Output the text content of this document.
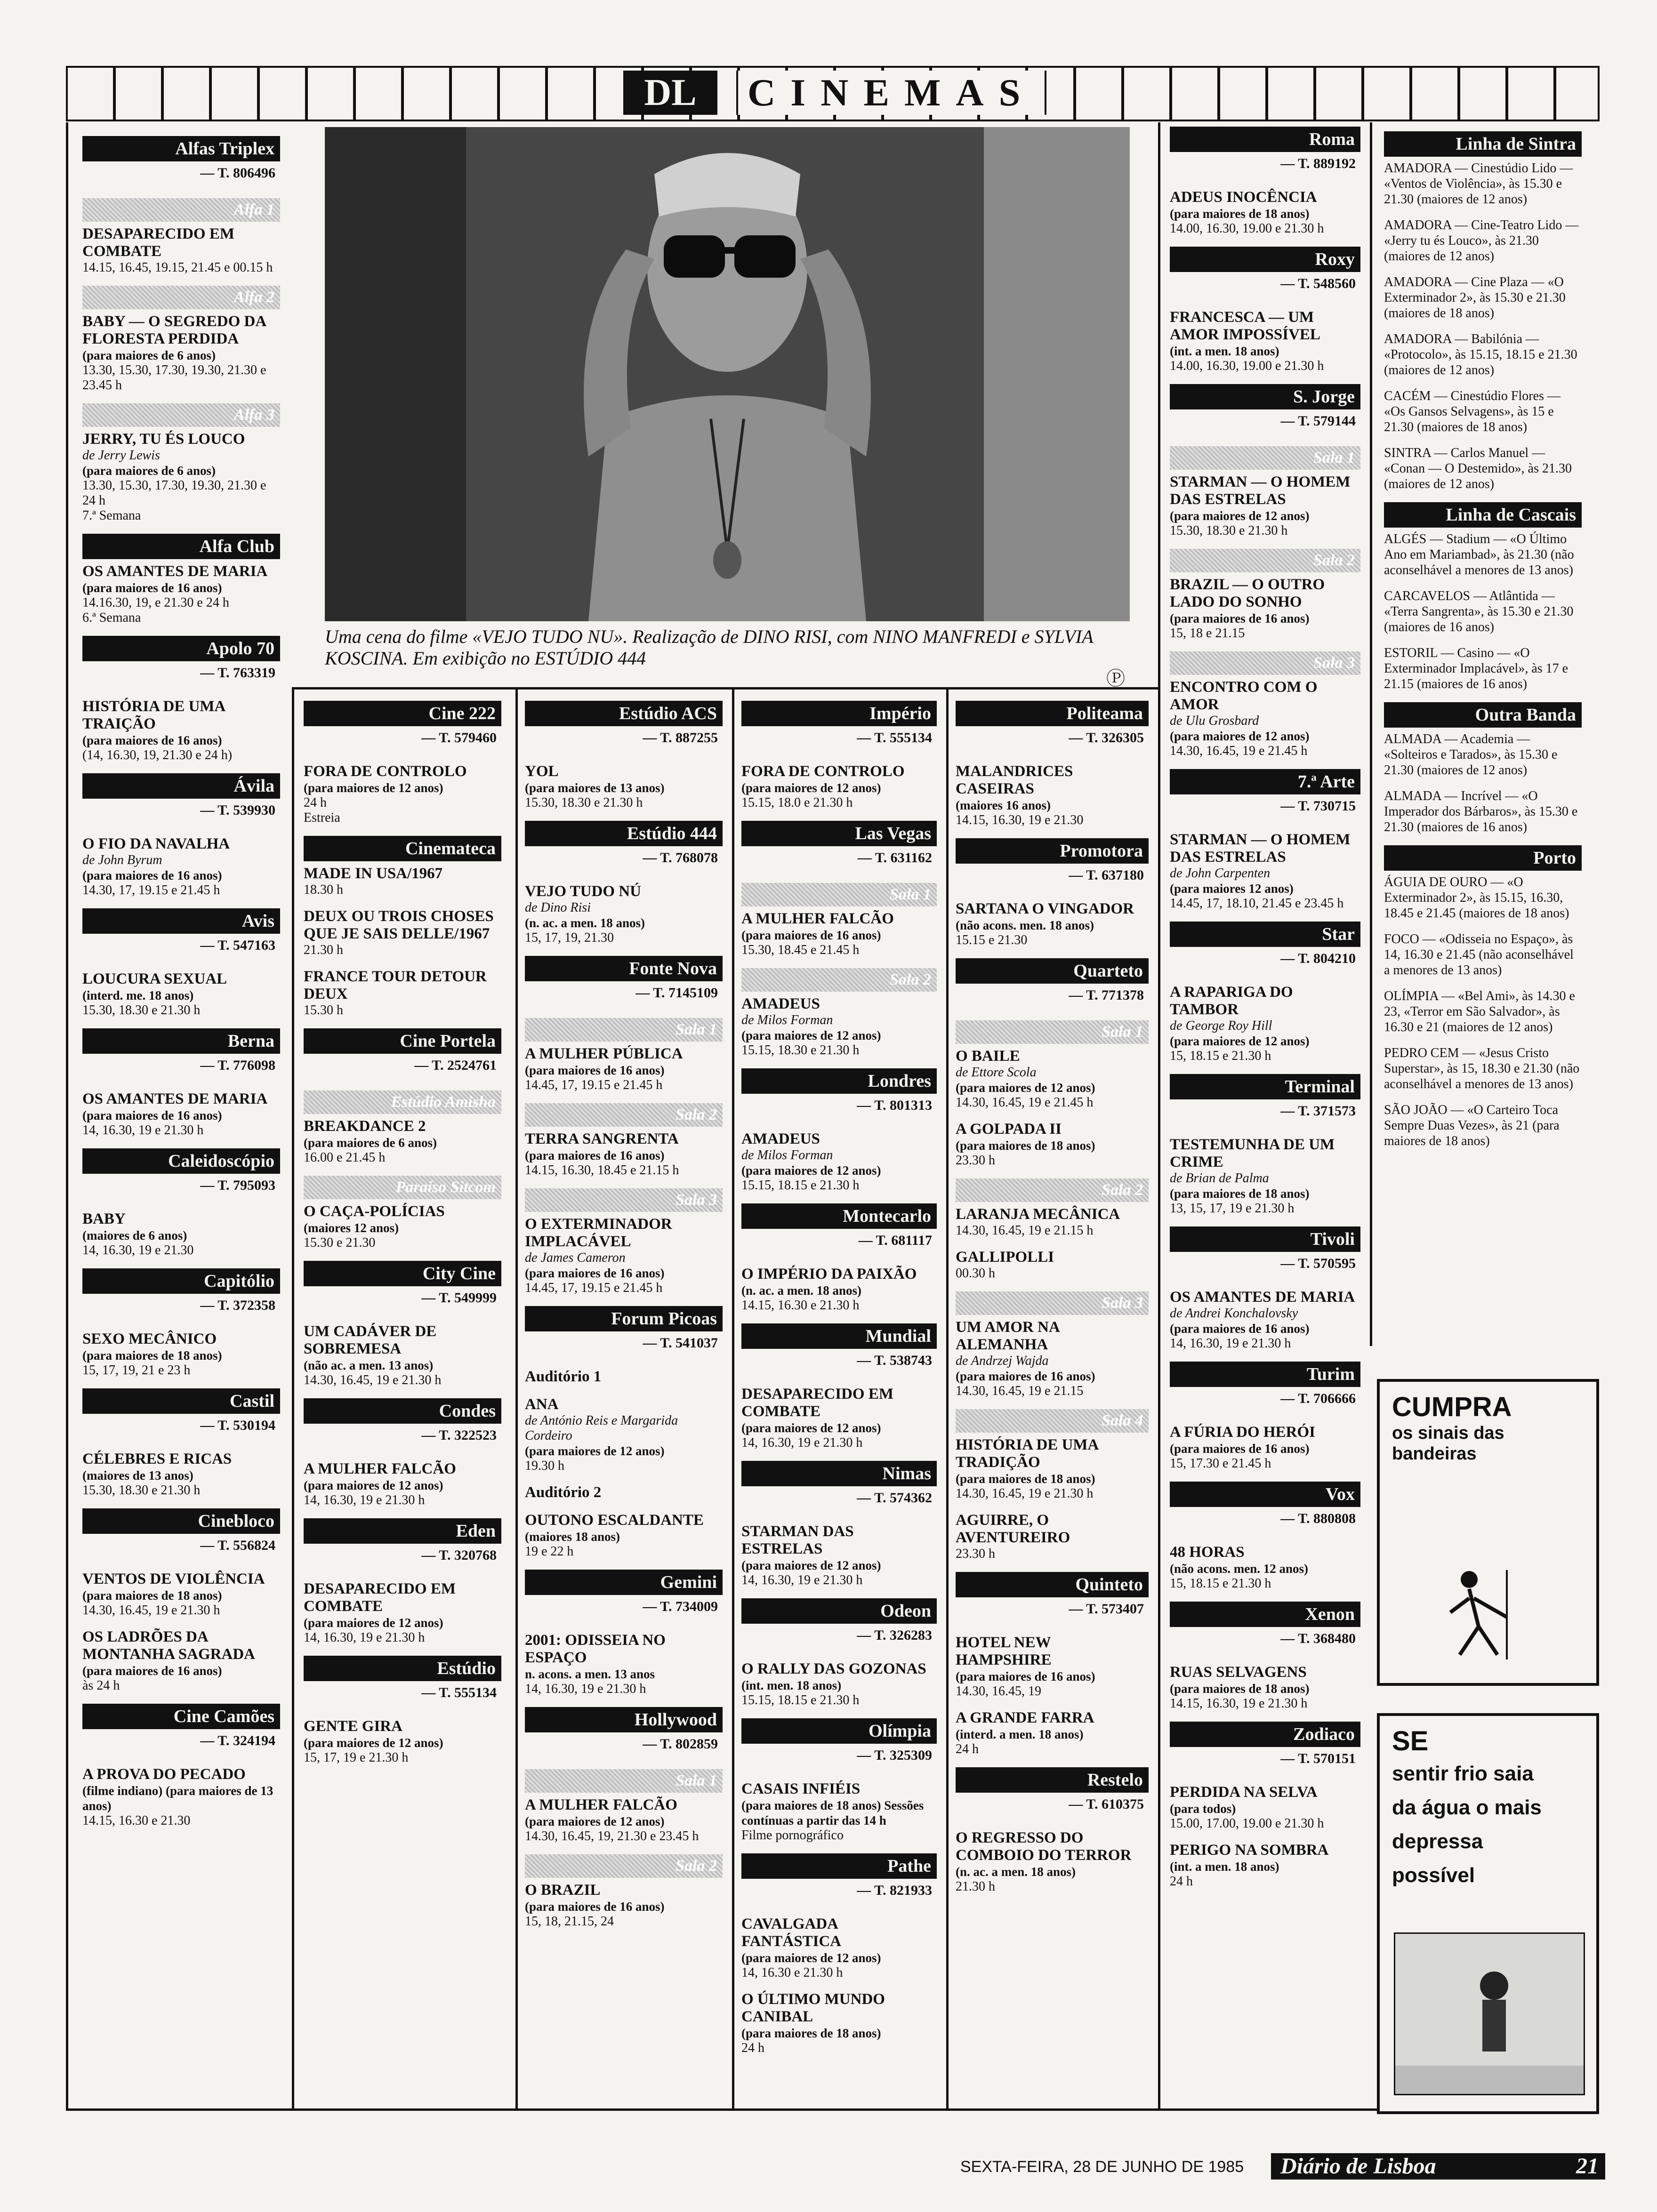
DL	CINEMAS
Uma cena do filme «VEJO TUDO NU». Realização de DINO RISI, com NINO MANFREDI e SYLVIA KOSCINA. Em exibição no ESTÚDIO 444
Ⓟ
Alfas Triplex
— T. 806496
Alfa 1
DESAPARECIDO EM COMBATE
14.15, 16.45, 19.15, 21.45 e 00.15 h
Alfa 2
BABY — O SEGREDO DA FLORESTA PERDIDA
(para maiores de 6 anos)
13.30, 15.30, 17.30, 19.30, 21.30 e 23.45 h
Alfa 3
JERRY, TU ÉS LOUCO
de Jerry Lewis
(para maiores de 6 anos)
13.30, 15.30, 17.30, 19.30, 21.30 e 24 h
7.ª Semana
Alfa Club
OS AMANTES DE MARIA
(para maiores de 16 anos)
14.16.30, 19, e 21.30 e 24 h
6.ª Semana
Apolo 70
— T. 763319
HISTÓRIA DE UMA TRAIÇÃO
(para maiores de 16 anos)
(14, 16.30, 19, 21.30 e 24 h)
Ávila
— T. 539930
O FIO DA NAVALHA
de John Byrum
(para maiores de 16 anos)
14.30, 17, 19.15 e 21.45 h
Avis
— T. 547163
LOUCURA SEXUAL
(interd. me. 18 anos)
15.30, 18.30 e 21.30 h
Berna
— T. 776098
OS AMANTES DE MARIA
(para maiores de 16 anos)
14, 16.30, 19 e 21.30 h
Caleidoscópio
— T. 795093
BABY
(maiores de 6 anos)
14, 16.30, 19 e 21.30
Capitólio
— T. 372358
SEXO MECÂNICO
(para maiores de 18 anos)
15, 17, 19, 21 e 23 h
Castil
— T. 530194
CÉLEBRES E RICAS
(maiores de 13 anos)
15.30, 18.30 e 21.30 h
Cinebloco
— T. 556824
VENTOS DE VIOLÊNCIA
(para maiores de 18 anos)
14.30, 16.45, 19 e 21.30 h
OS LADRÕES DA MONTANHA SAGRADA
(para maiores de 16 anos)
às 24 h
Cine Camões
— T. 324194
A PROVA DO PECADO
(filme indiano) (para maiores de 13 anos)
14.15, 16.30 e 21.30
Cine 222
— T. 579460
FORA DE CONTROLO
(para maiores de 12 anos)
24 h
Estreia
Cinemateca
MADE IN USA/1967
18.30 h
DEUX OU TROIS CHOSES QUE JE SAIS DELLE/1967
21.30 h
FRANCE TOUR DETOUR DEUX
15.30 h
Cine Portela
— T. 2524761
Estúdio Amisha
BREAKDANCE 2
(para maiores de 6 anos)
16.00 e 21.45 h
Paraíso Sitcom
O CAÇA-POLÍCIAS
(maiores 12 anos)
15.30 e 21.30
City Cine
— T. 549999
UM CADÁVER DE SOBREMESA
(não ac. a men. 13 anos)
14.30, 16.45, 19 e 21.30 h
Condes
— T. 322523
A MULHER FALCÃO
(para maiores de 12 anos)
14, 16.30, 19 e 21.30 h
Eden
— T. 320768
DESAPARECIDO EM COMBATE
(para maiores de 12 anos)
14, 16.30, 19 e 21.30 h
Estúdio
— T. 555134
GENTE GIRA
(para maiores de 12 anos)
15, 17, 19 e 21.30 h
Estúdio ACS
— T. 887255
YOL
(para maiores de 13 anos)
15.30, 18.30 e 21.30 h
Estúdio 444
— T. 768078
VEJO TUDO NÚ
de Dino Risi
(n. ac. a men. 18 anos)
15, 17, 19, 21.30
Fonte Nova
— T. 7145109
Sala 1
A MULHER PÚBLICA
(para maiores de 16 anos)
14.45, 17, 19.15 e 21.45 h
Sala 2
TERRA SANGRENTA
(para maiores de 16 anos)
14.15, 16.30, 18.45 e 21.15 h
Sala 3
O EXTERMINADOR IMPLACÁVEL
de James Cameron
(para maiores de 16 anos)
14.45, 17, 19.15 e 21.45 h
Forum Picoas
— T. 541037
Auditório 1
ANA
de António Reis e Margarida Cordeiro
(para maiores de 12 anos)
19.30 h
Auditório 2
OUTONO ESCALDANTE
(maiores 18 anos)
19 e 22 h
Gemini
— T. 734009
2001: ODISSEIA NO ESPAÇO
n. acons. a men. 13 anos
14, 16.30, 19 e 21.30 h
Hollywood
— T. 802859
Sala 1
A MULHER FALCÃO
(para maiores de 12 anos)
14.30, 16.45, 19, 21.30 e 23.45 h
Sala 2
O BRAZIL
(para maiores de 16 anos)
15, 18, 21.15, 24
Império
— T. 555134
FORA DE CONTROLO
(para maiores de 12 anos)
15.15, 18.0 e 21.30 h
Las Vegas
— T. 631162
Sala 1
A MULHER FALCÃO
(para maiores de 16 anos)
15.30, 18.45 e 21.45 h
Sala 2
AMADEUS
de Milos Forman
(para maiores de 12 anos)
15.15, 18.30 e 21.30 h
Londres
— T. 801313
AMADEUS
de Milos Forman
(para maiores de 12 anos)
15.15, 18.15 e 21.30 h
Montecarlo
— T. 681117
O IMPÉRIO DA PAIXÃO
(n. ac. a men. 18 anos)
14.15, 16.30 e 21.30 h
Mundial
— T. 538743
DESAPARECIDO EM COMBATE
(para maiores de 12 anos)
14, 16.30, 19 e 21.30 h
Nimas
— T. 574362
STARMAN DAS ESTRELAS
(para maiores de 12 anos)
14, 16.30, 19 e 21.30 h
Odeon
— T. 326283
O RALLY DAS GOZONAS
(int. men. 18 anos)
15.15, 18.15 e 21.30 h
Olímpia
— T. 325309
CASAIS INFIÉIS
(para maiores de 18 anos) Sessões contínuas a partir das 14 h
Filme pornográfico
Pathe
— T. 821933
CAVALGADA FANTÁSTICA
(para maiores de 12 anos)
14, 16.30 e 21.30 h
O ÚLTIMO MUNDO CANIBAL
(para maiores de 18 anos)
24 h
Politeama
— T. 326305
MALANDRICES CASEIRAS
(maiores 16 anos)
14.15, 16.30, 19 e 21.30
Promotora
— T. 637180
SARTANA O VINGADOR
(não acons. men. 18 anos)
15.15 e 21.30
Quarteto
— T. 771378
Sala 1
O BAILE
de Ettore Scola
(para maiores de 12 anos)
14.30, 16.45, 19 e 21.45 h
A GOLPADA II
(para maiores de 18 anos)
23.30 h
Sala 2
LARANJA MECÂNICA
14.30, 16.45, 19 e 21.15 h
GALLIPOLLI
00.30 h
Sala 3
UM AMOR NA ALEMANHA
de Andrzej Wajda
(para maiores de 16 anos)
14.30, 16.45, 19 e 21.15
Sala 4
HISTÓRIA DE UMA TRADIÇÃO
(para maiores de 18 anos)
14.30, 16.45, 19 e 21.30 h
AGUIRRE, O AVENTUREIRO
23.30 h
Quinteto
— T. 573407
HOTEL NEW HAMPSHIRE
(para maiores de 16 anos)
14.30, 16.45, 19
A GRANDE FARRA
(interd. a men. 18 anos)
24 h
Restelo
— T. 610375
O REGRESSO DO COMBOIO DO TERROR
(n. ac. a men. 18 anos)
21.30 h
Roma
— T. 889192
ADEUS INOCÊNCIA
(para maiores de 18 anos)
14.00, 16.30, 19.00 e 21.30 h
Roxy
— T. 548560
FRANCESCA — UM AMOR IMPOSSÍVEL
(int. a men. 18 anos)
14.00, 16.30, 19.00 e 21.30 h
S. Jorge
— T. 579144
Sala 1
STARMAN — O HOMEM DAS ESTRELAS
(para maiores de 12 anos)
15.30, 18.30 e 21.30 h
Sala 2
BRAZIL — O OUTRO LADO DO SONHO
(para maiores de 16 anos)
15, 18 e 21.15
Sala 3
ENCONTRO COM O AMOR
de Ulu Grosbard
(para maiores de 12 anos)
14.30, 16.45, 19 e 21.45 h
7.ª Arte
— T. 730715
STARMAN — O HOMEM DAS ESTRELAS
de John Carpenten
(para maiores 12 anos)
14.45, 17, 18.10, 21.45 e 23.45 h
Star
— T. 804210
A RAPARIGA DO TAMBOR
de George Roy Hill
(para maiores de 12 anos)
15, 18.15 e 21.30 h
Terminal
— T. 371573
TESTEMUNHA DE UM CRIME
de Brian de Palma
(para maiores de 18 anos)
13, 15, 17, 19 e 21.30 h
Tivoli
— T. 570595
OS AMANTES DE MARIA
de Andrei Konchalovsky
(para maiores de 16 anos)
14, 16.30, 19 e 21.30 h
Turim
— T. 706666
A FÚRIA DO HERÓI
(para maiores de 16 anos)
15, 17.30 e 21.45 h
Vox
— T. 880808
48 HORAS
(não acons. men. 12 anos)
15, 18.15 e 21.30 h
Xenon
— T. 368480
RUAS SELVAGENS
(para maiores de 18 anos)
14.15, 16.30, 19 e 21.30 h
Zodiaco
— T. 570151
PERDIDA NA SELVA
(para todos)
15.00, 17.00, 19.00 e 21.30 h
PERIGO NA SOMBRA
(int. a men. 18 anos)
24 h
Linha de Sintra
AMADORA — Cinestúdio Lido — «Ventos de Violência», às 15.30 e 21.30 (maiores de 12 anos)
AMADORA — Cine-Teatro Lido — «Jerry tu és Louco», às 21.30 (maiores de 12 anos)
AMADORA — Cine Plaza — «O Exterminador 2», às 15.30 e 21.30 (maiores de 18 anos)
AMADORA — Babilónia — «Protocolo», às 15.15, 18.15 e 21.30 (maiores de 12 anos)
CACÉM — Cinestúdio Flores — «Os Gansos Selvagens», às 15 e 21.30 (maiores de 18 anos)
SINTRA — Carlos Manuel — «Conan — O Destemido», às 21.30 (maiores de 12 anos)
Linha de Cascais
ALGÉS — Stadium — «O Último Ano em Mariambad», às 21.30 (não aconselhável a menores de 13 anos)
CARCAVELOS — Atlântida — «Terra Sangrenta», às 15.30 e 21.30 (maiores de 16 anos)
ESTORIL — Casino — «O Exterminador Implacável», às 17 e 21.15 (maiores de 16 anos)
Outra Banda
ALMADA — Academia — «Solteiros e Tarados», às 15.30 e 21.30 (maiores de 12 anos)
ALMADA — Incrível — «O Imperador dos Bárbaros», às 15.30 e 21.30 (maiores de 16 anos)
Porto
ÁGUIA DE OURO — «O Exterminador 2», às 15.15, 16.30, 18.45 e 21.45 (maiores de 18 anos)
FOCO — «Odisseia no Espaço», às 14, 16.30 e 21.45 (não aconselhável a menores de 13 anos)
OLÍMPIA — «Bel Ami», às 14.30 e 23, «Terror em São Salvador», às 16.30 e 21 (maiores de 12 anos)
PEDRO CEM — «Jesus Cristo Superstar», às 15, 18.30 e 21.30 (não aconselhável a menores de 13 anos)
SÃO JOÃO — «O Carteiro Toca Sempre Duas Vezes», às 21 (para maiores de 18 anos)
CUMPRA
os sinais das bandeiras
SE
sentir frio saia da água o mais depressa possível
SEXTA-FEIRA, 28 DE JUNHO DE 1985	Diário de Lisboa	21
